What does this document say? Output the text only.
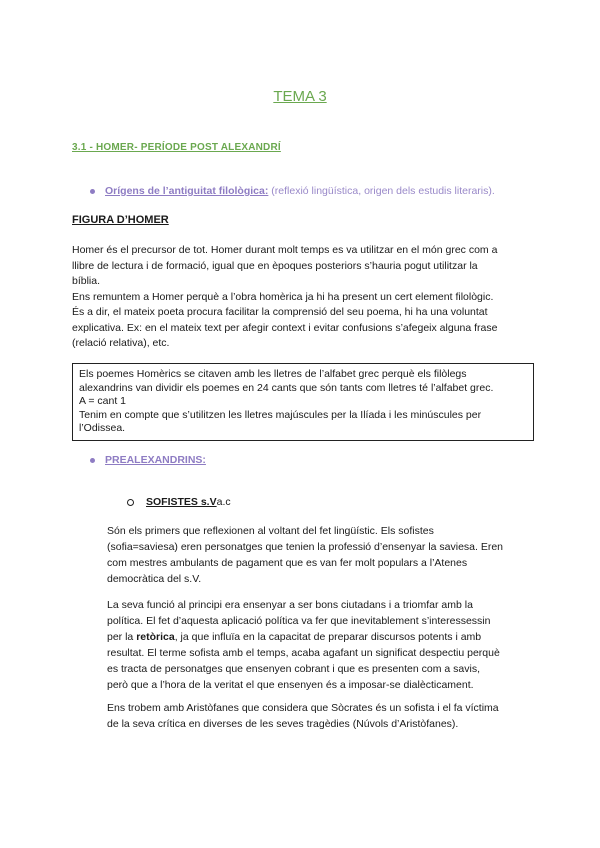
TEMA 3
3.1 - HOMER- PERÍODE POST ALEXANDRÍ
Orígens de l’antiguitat filològica: (reflexió lingüística, origen dels estudis literaris).
FIGURA D’HOMER

Homer és el precursor de tot. Homer durant molt temps es va utilitzar en el món grec com a

llibre de lectura i de formació, igual que en èpoques posteriors s’hauria pogut utilitzar la

bíblia.

Ens remuntem a Homer perquè a l’obra homèrica ja hi ha present un cert element filològic.

És a dir, el mateix poeta procura facilitar la comprensió del seu poema, hi ha una voluntat

explicativa. Ex: en el mateix text per afegir context i evitar confusions s’afegeix alguna frase

(relació relativa), etc.

Els poemes Homèrics se citaven amb les lletres de l’alfabet grec perquè els filòlegs

alexandrins van dividir els poemes en 24 cants que són tants com lletres té l’alfabet grec.

A = cant 1

Tenim en compte que s’utilitzen les lletres majúscules per la Ilíada i les minúscules per

l’Odissea.

PREALEXANDRINS:
SOFISTES s.Va.c

Són els primers que reflexionen al voltant del fet lingüístic. Els sofistes

(sofia=saviesa) eren personatges que tenien la professió d’ensenyar la saviesa. Eren

com mestres ambulants de pagament que es van fer molt populars a l’Atenes

democràtica del s.V.

La seva funció al principi era ensenyar a ser bons ciutadans i a triomfar amb la

política. El fet d’aquesta aplicació política va fer que inevitablement s’interessessin

per la retòrica, ja que influïa en la capacitat de preparar discursos potents i amb

resultat. El terme sofista amb el temps, acaba agafant un significat despectiu perquè

es tracta de personatges que ensenyen cobrant i que es presenten com a savis,

però que a l’hora de la veritat el que ensenyen és a imposar-se dialècticament.

Ens trobem amb Aristòfanes que considera que Sòcrates és un sofista i el fa víctima

de la seva crítica en diverses de les seves tragèdies (Núvols d’Aristòfanes).
